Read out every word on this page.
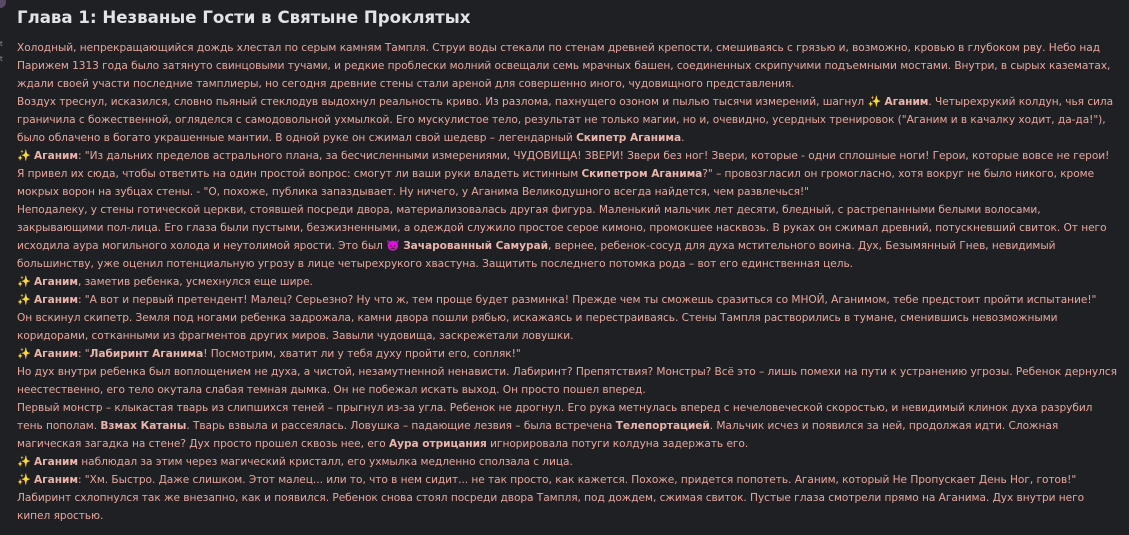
t
t
Глава 1: Незваные Гости в Святыне Проклятых

Холодный, непрекращающийся дождь хлестал по серым камням Тампля. Струи воды стекали по стенам древней крепости, смешиваясь с грязью и, возможно, кровью в глубоком рву. Небо над Парижем 1313 года было затянуто свинцовыми тучами, и редкие проблески молний освещали семь мрачных башен, соединенных скрипучими подъемными мостами. Внутри, в сырых казематах, ждали своей участи последние тамплиеры, но сегодня древние стены стали ареной для совершенно иного, чудовищного представления.

Воздух треснул, исказился, словно пьяный стеклодув выдохнул реальность криво. Из разлома, пахнущего озоном и пылью тысячи измерений, шагнул ✨ Аганим. Четырехрукий колдун, чья сила граничила с божественной, огляделся с самодовольной ухмылкой. Его мускулистое тело, результат не только магии, но и, очевидно, усердных тренировок ("Аганим и в качалку ходит, да-да!"), было облачено в богато украшенные мантии. В одной руке он сжимал свой шедевр – легендарный Скипетр Аганима.

✨ Аганим: "Из дальних пределов астрального плана, за бесчисленными измерениями, ЧУДОВИЩА! ЗВЕРИ! Звери без ног! Звери, которые - одни сплошные ноги! Герои, которые вовсе не герои! Я привел их сюда, чтобы ответить на один простой вопрос: смогут ли ваши руки владеть истинным Скипетром Аганима?" – провозгласил он громогласно, хотя вокруг не было никого, кроме мокрых ворон на зубцах стены. - "О, похоже, публика запаздывает. Ну ничего, у Аганима Великодушного всегда найдется, чем развлечься!"

Неподалеку, у стены готической церкви, стоявшей посреди двора, материализовалась другая фигура. Маленький мальчик лет десяти, бледный, с растрепанными белыми волосами, закрывающими пол-лица. Его глаза были пустыми, безжизненными, а одеждой служило простое серое кимоно, промокшее насквозь. В руках он сжимал древний, потускневший свиток. От него исходила аура могильного холода и неутолимой ярости. Это был 👿 Зачарованный Самурай, вернее, ребенок-сосуд для духа мстительного воина. Дух, Безымянный Гнев, невидимый большинству, уже оценил потенциальную угрозу в лице четырехрукого хвастуна. Защитить последнего потомка рода – вот его единственная цель.

✨ Аганим, заметив ребенка, усмехнулся еще шире.

✨ Аганим: "А вот и первый претендент! Малец? Серьезно? Ну что ж, тем проще будет разминка! Прежде чем ты сможешь сразиться со МНОЙ, Аганимом, тебе предстоит пройти испытание!"

Он вскинул скипетр. Земля под ногами ребенка задрожала, камни двора пошли рябью, искажаясь и перестраиваясь. Стены Тампля растворились в тумане, сменившись невозможными коридорами, сотканными из фрагментов других миров. Завыли чудовища, заскрежетали ловушки.

✨ Аганим: "Лабиринт Аганима! Посмотрим, хватит ли у тебя духу пройти его, сопляк!"

Но дух внутри ребенка был воплощением не духа, а чистой, незамутненной ненависти. Лабиринт? Препятствия? Монстры? Всё это – лишь помехи на пути к устранению угрозы. Ребенок дернулся неестественно, его тело окутала слабая темная дымка. Он не побежал искать выход. Он просто пошел вперед.

Первый монстр – клыкастая тварь из слипшихся теней – прыгнул из-за угла. Ребенок не дрогнул. Его рука метнулась вперед с нечеловеческой скоростью, и невидимый клинок духа разрубил тень пополам. Взмах Катаны. Тварь взвыла и рассеялась. Ловушка – падающие лезвия – была встречена Телепортацией. Мальчик исчез и появился за ней, продолжая идти. Сложная магическая загадка на стене? Дух просто прошел сквозь нее, его Аура отрицания игнорировала потуги колдуна задержать его.

✨ Аганим наблюдал за этим через магический кристалл, его ухмылка медленно сползала с лица.

✨ Аганим: "Хм. Быстро. Даже слишком. Этот малец... или то, что в нем сидит... не так просто, как кажется. Похоже, придется попотеть. Аганим, который Не Пропускает День Ног, готов!"

Лабиринт схлопнулся так же внезапно, как и появился. Ребенок снова стоял посреди двора Тампля, под дождем, сжимая свиток. Пустые глаза смотрели прямо на Аганима. Дух внутри него кипел яростью.
